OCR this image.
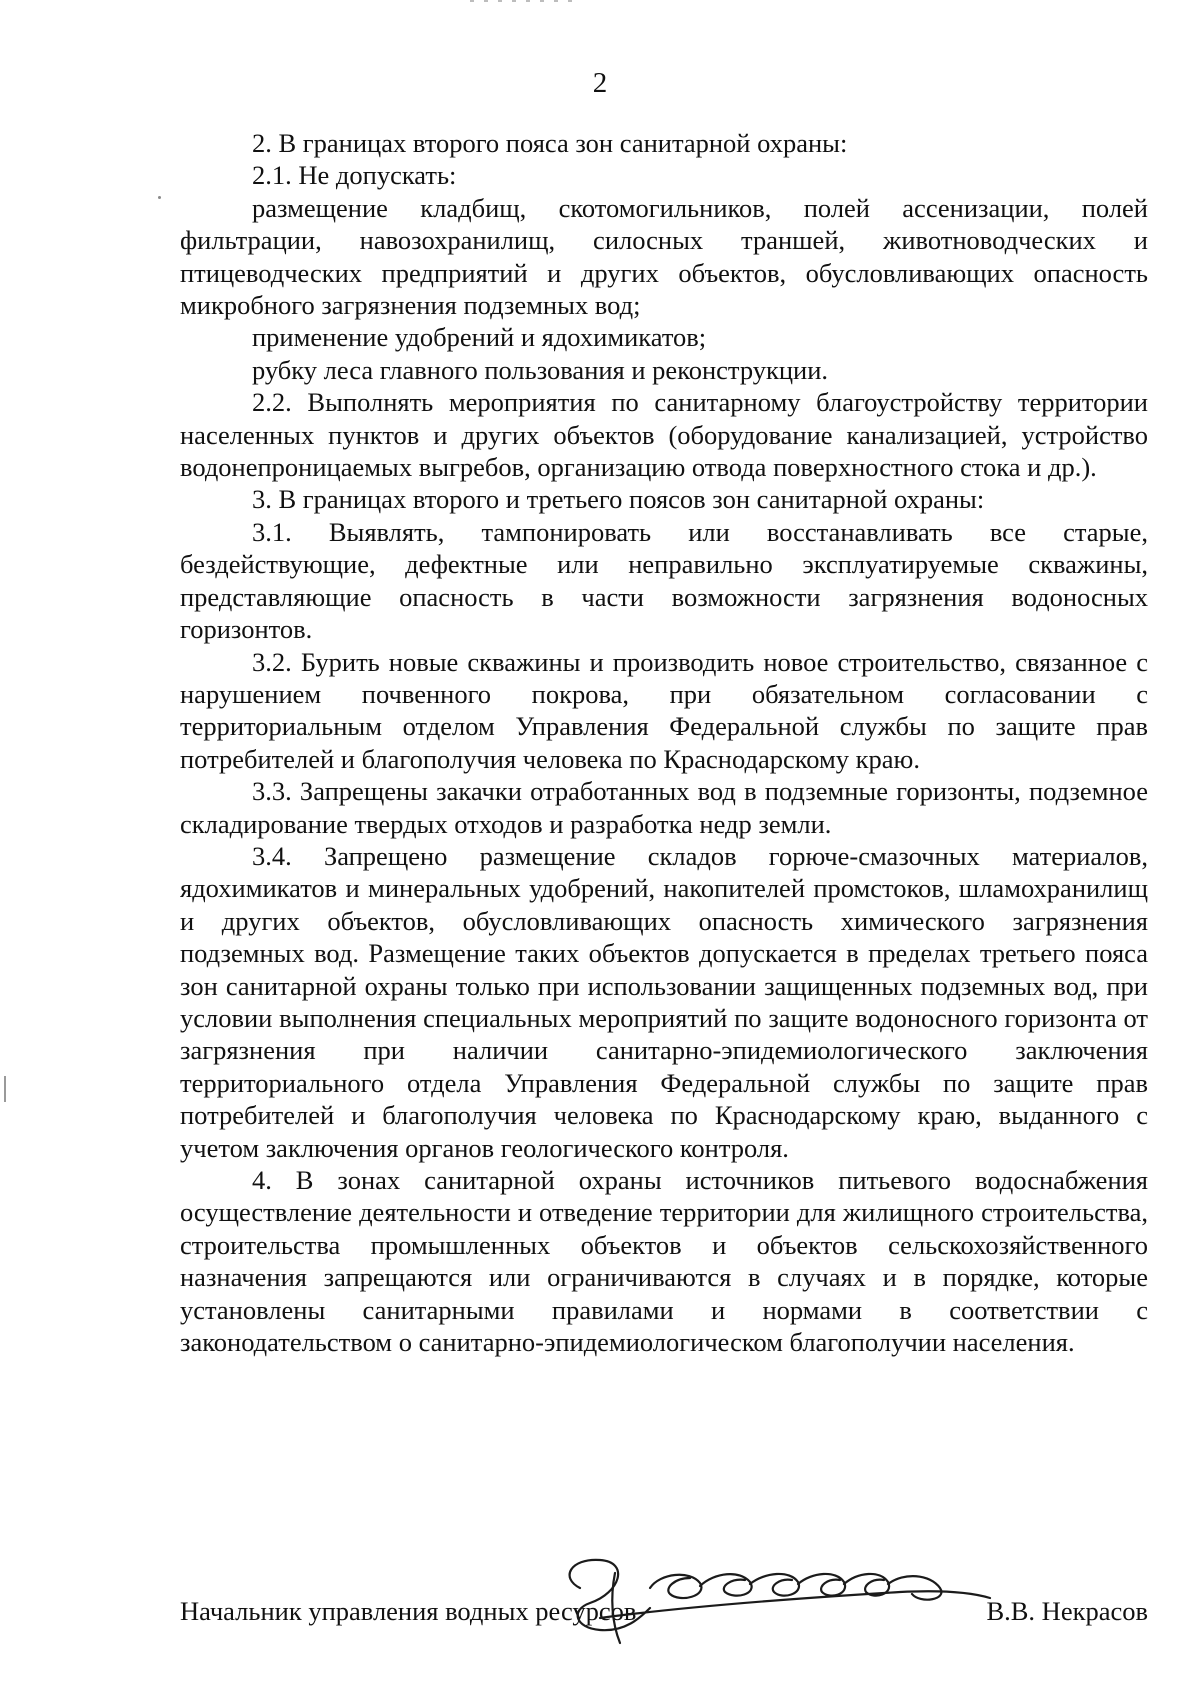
2

2. В границах второго пояса зон санитарной охраны:

2.1. Не допускать:

размещение кладбищ, скотомогильников, полей ассенизации, полей фильтрации, навозохранилищ, силосных траншей, животноводческих и птицеводческих предприятий и других объектов, обусловливающих опасность микробного загрязнения подземных вод;

применение удобрений и ядохимикатов;

рубку леса главного пользования и реконструкции.

2.2. Выполнять мероприятия по санитарному благоустройству территории населенных пунктов и других объектов (оборудование канализацией, устройство водонепроницаемых выгребов, организацию отвода поверхностного стока и др.).

3. В границах второго и третьего поясов зон санитарной охраны:

3.1. Выявлять, тампонировать или восстанавливать все старые, бездействующие, дефектные или неправильно эксплуатируемые скважины, представляющие опасность в части возможности загрязнения водоносных горизонтов.

3.2. Бурить новые скважины и производить новое строительство, связанное с нарушением почвенного покрова, при обязательном согласовании с территориальным отделом Управления Федеральной службы по защите прав потребителей и благополучия человека по Краснодарскому краю.

3.3. Запрещены закачки отработанных вод в подземные горизонты, подземное складирование твердых отходов и разработка недр земли.

3.4. Запрещено размещение складов горюче-смазочных материалов, ядохимикатов и минеральных удобрений, накопителей промстоков, шламохранилищ и других объектов, обусловливающих опасность химического загрязнения подземных вод. Размещение таких объектов допускается в пределах третьего пояса зон санитарной охраны только при использовании защищенных подземных вод, при условии выполнения специальных мероприятий по защите водоносного горизонта от загрязнения при наличии санитарно-эпидемиологического заключения территориального отдела Управления Федеральной службы по защите прав потребителей и благополучия человека по Краснодарскому краю, выданного с учетом заключения органов геологического контроля.

4. В зонах санитарной охраны источников питьевого водоснабжения осуществление деятельности и отведение территории для жилищного строительства, строительства промышленных объектов и объектов сельскохозяйственного назначения запрещаются или ограничиваются в случаях и в порядке, которые установлены санитарными правилами и нормами в соответствии с законодательством о санитарно-эпидемиологическом благополучии населения.

Начальник управления водных ресурсов	В.В. Некрасов
